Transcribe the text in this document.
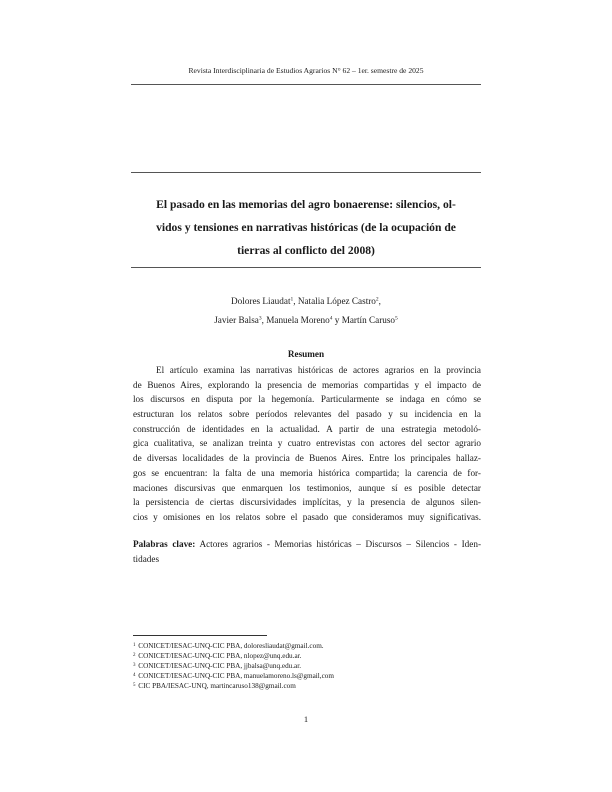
Revista Interdisciplinaria de Estudios Agrarios N° 62 – 1er. semestre de 2025
El pasado en las memorias del agro bonaerense: silencios, ol-
vidos y tensiones en narrativas históricas (de la ocupación de
tierras al conflicto del 2008)
Dolores Liaudat$^1$, Natalia López Castro$^2$,
Javier Balsa$^3$, Manuela Moreno$^4$ y Martín Caruso$^5$
Resumen
El artículo examina las narrativas históricas de actores agrarios en la provincia
de Buenos Aires, explorando la presencia de memorias compartidas y el impacto de
los discursos en disputa por la hegemonía. Particularmente se indaga en cómo se
estructuran los relatos sobre períodos relevantes del pasado y su incidencia en la
construcción de identidades en la actualidad. A partir de una estrategia metodoló-
gica cualitativa, se analizan treinta y cuatro entrevistas con actores del sector agrario
de diversas localidades de la provincia de Buenos Aires. Entre los principales hallaz-
gos se encuentran: la falta de una memoria histórica compartida; la carencia de for-
maciones discursivas que enmarquen los testimonios, aunque sí es posible detectar
la persistencia de ciertas discursividades implícitas, y la presencia de algunos silen-
cios y omisiones en los relatos sobre el pasado que consideramos muy significativas.
Palabras clave: Actores agrarios - Memorias históricas – Discursos – Silencios - Iden-
tidades
$^1$ CONICET/IESAC-UNQ-CIC PBA, doloresliaudat@gmail.com.
$^2$ CONICET/IESAC-UNQ-CIC PBA, nlopez@unq.edu.ar.
$^3$ CONICET/IESAC-UNQ-CIC PBA, jjbalsa@unq.edu.ar.
$^4$ CONICET/IESAC-UNQ-CIC PBA, manuelamoreno.ls@gmail,com
$^5$ CIC PBA/IESAC-UNQ, martincaruso138@gmail.com
1
